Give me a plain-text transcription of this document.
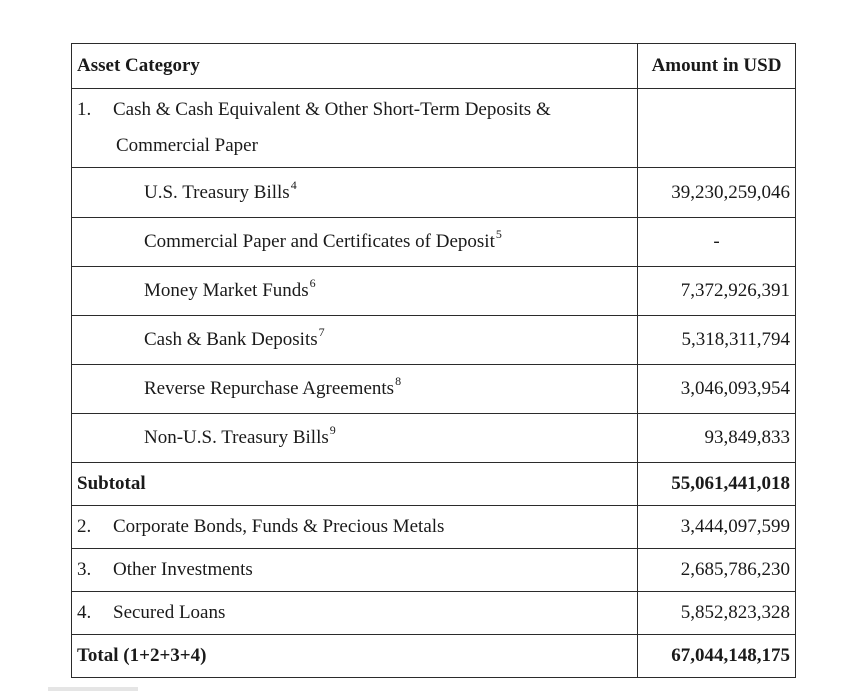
Asset Category	Amount in USD
1. Cash & Cash Equivalent & Other Short-Term Deposits &
Commercial Paper	

U.S. Treasury Bills$^4$	39,230,259,046
Commercial Paper and Certificates of Deposit$^5$	-
Money Market Funds$^6$	7,372,926,391
Cash & Bank Deposits$^7$	5,318,311,794
Reverse Repurchase Agreements$^8$	3,046,093,954
Non-U.S. Treasury Bills$^9$	93,849,833
Subtotal	55,061,441,018
2. Corporate Bonds, Funds & Precious Metals	3,444,097,599
3. Other Investments	2,685,786,230
4. Secured Loans	5,852,823,328
Total (1+2+3+4)	67,044,148,175
